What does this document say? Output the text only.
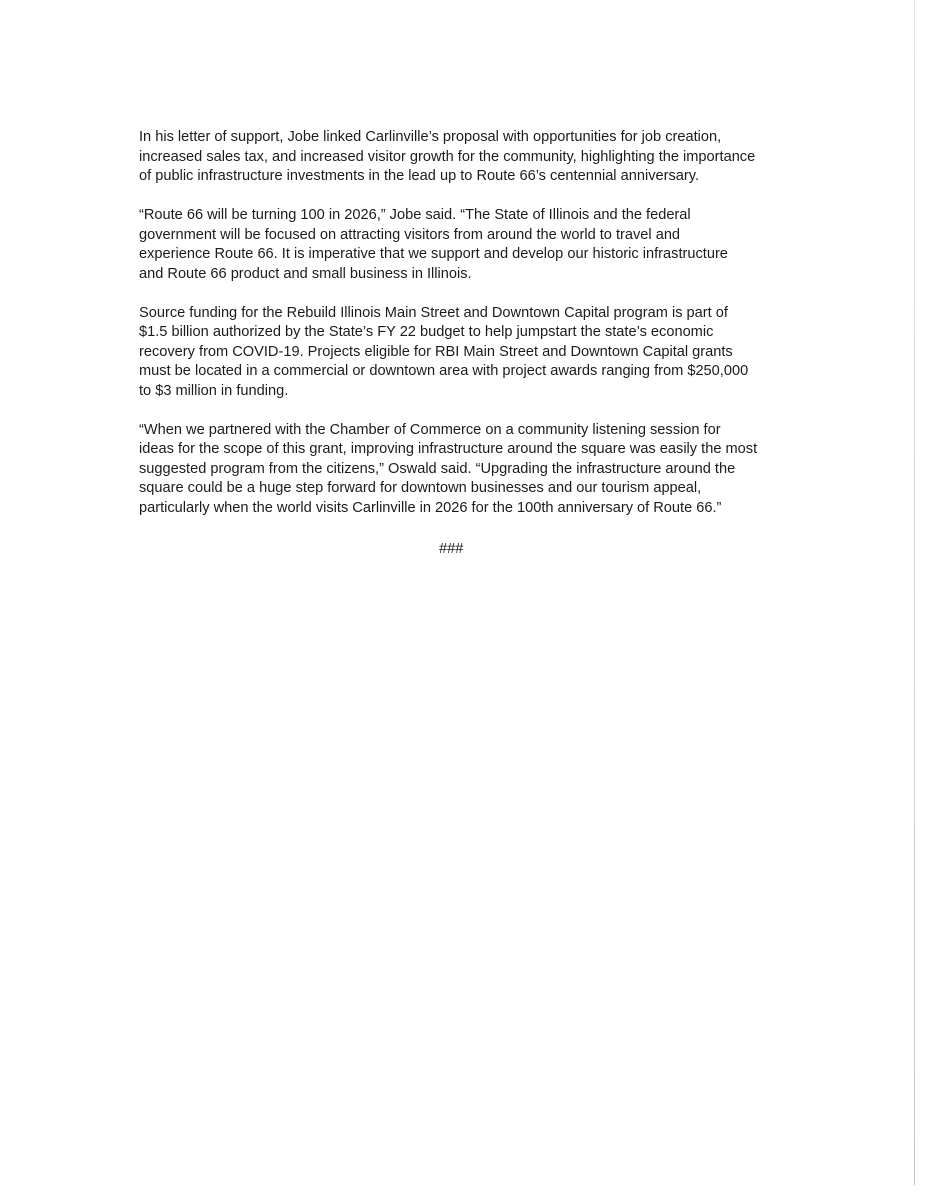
In his letter of support, Jobe linked Carlinville’s proposal with opportunities for job creation,
increased sales tax, and increased visitor growth for the community, highlighting the importance
of public infrastructure investments in the lead up to Route 66’s centennial anniversary.

“Route 66 will be turning 100 in 2026,” Jobe said. “The State of Illinois and the federal
government will be focused on attracting visitors from around the world to travel and
experience Route 66. It is imperative that we support and develop our historic infrastructure
and Route 66 product and small business in Illinois.

Source funding for the Rebuild Illinois Main Street and Downtown Capital program is part of
$1.5 billion authorized by the State’s FY 22 budget to help jumpstart the state’s economic
recovery from COVID-19. Projects eligible for RBI Main Street and Downtown Capital grants
must be located in a commercial or downtown area with project awards ranging from $250,000
to $3 million in funding.

“When we partnered with the Chamber of Commerce on a community listening session for
ideas for the scope of this grant, improving infrastructure around the square was easily the most
suggested program from the citizens,” Oswald said. “Upgrading the infrastructure around the
square could be a huge step forward for downtown businesses and our tourism appeal,
particularly when the world visits Carlinville in 2026 for the 100th anniversary of Route 66.”

###
